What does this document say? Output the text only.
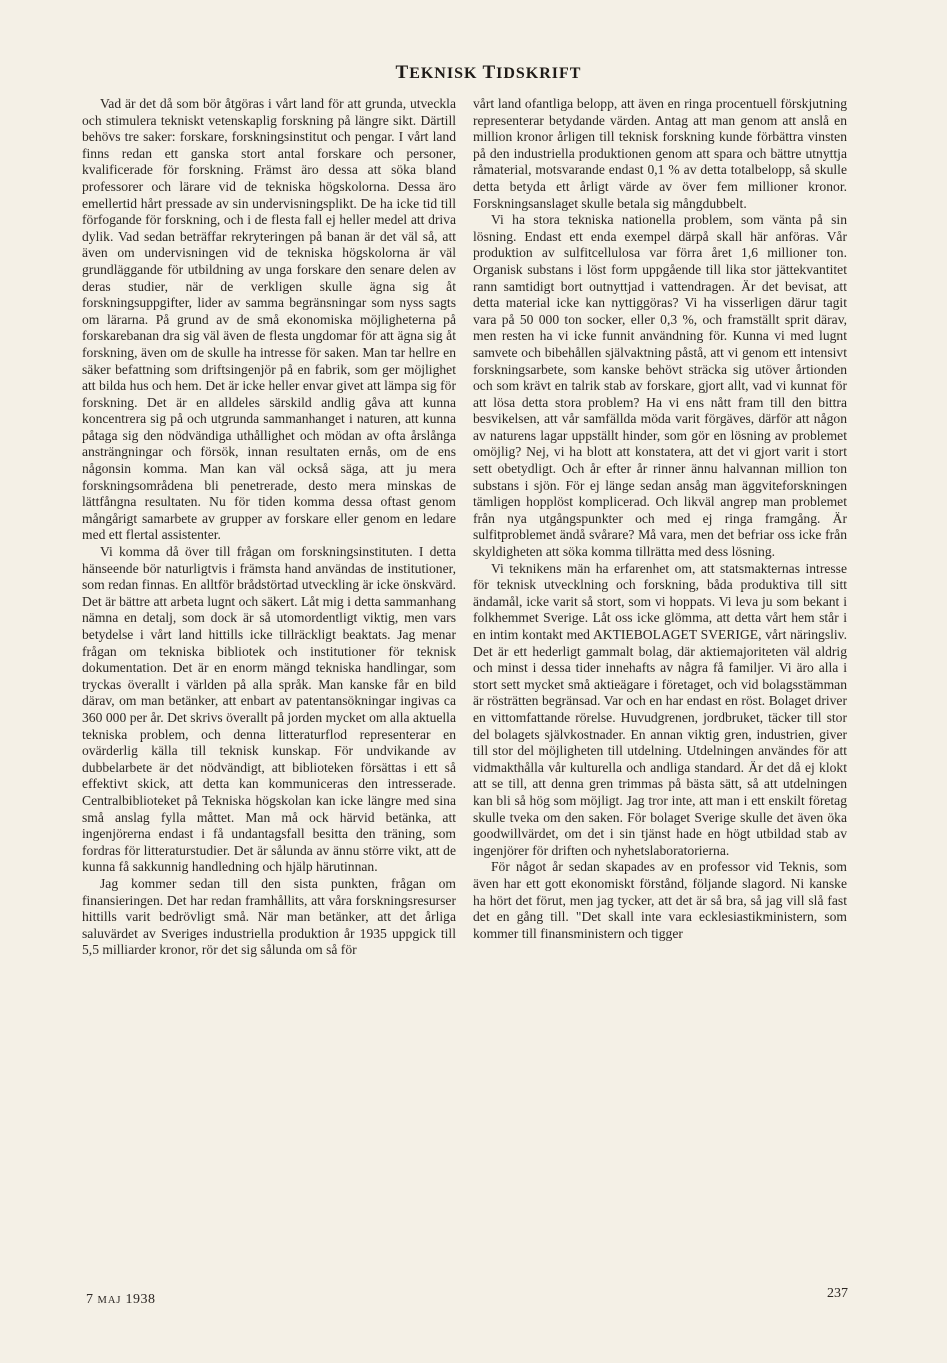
TEKNISK TIDSKRIFT

Vad är det då som bör åtgöras i vårt land för att grunda, utveckla och stimulera tekniskt vetenskaplig forskning på längre sikt. Därtill behövs tre saker: forskare, forskningsinstitut och pengar. I vårt land finns redan ett ganska stort antal forskare och personer, kvalificerade för forskning. Främst äro dessa att söka bland professorer och lärare vid de tekniska högskolorna. Dessa äro emellertid hårt pressade av sin undervisningsplikt. De ha icke tid till förfogande för forskning, och i de flesta fall ej heller medel att driva dylik. Vad sedan beträffar rekryteringen på banan är det väl så, att även om undervisningen vid de tekniska högskolorna är väl grundläggande för utbildning av unga forskare den senare delen av deras studier, när de verkligen skulle ägna sig åt forskningsuppgifter, lider av samma begränsningar som nyss sagts om lärarna. På grund av de små ekonomiska möjligheterna på forskarebanan dra sig väl även de flesta ungdomar för att ägna sig åt forskning, även om de skulle ha intresse för saken. Man tar hellre en säker befattning som driftsingenjör på en fabrik, som ger möjlighet att bilda hus och hem. Det är icke heller envar givet att lämpa sig för forskning. Det är en alldeles särskild andlig gåva att kunna koncentrera sig på och utgrunda sammanhanget i naturen, att kunna påtaga sig den nödvändiga uthållighet och mödan av ofta årslånga ansträngningar och försök, innan resultaten ernås, om de ens någonsin komma. Man kan väl också säga, att ju mera forskningsområdena bli penetrerade, desto mera minskas de lättfångna resultaten. Nu för tiden komma dessa oftast genom mångårigt samarbete av grupper av forskare eller genom en ledare med ett flertal assistenter.

Vi komma då över till frågan om forskningsinstituten. I detta hänseende bör naturligtvis i främsta hand användas de institutioner, som redan finnas. En alltför brådstörtad utveckling är icke önskvärd. Det är bättre att arbeta lugnt och säkert. Låt mig i detta sammanhang nämna en detalj, som dock är så utomordentligt viktig, men vars betydelse i vårt land hittills icke tillräckligt beaktats. Jag menar frågan om tekniska bibliotek och institutioner för teknisk dokumentation. Det är en enorm mängd tekniska handlingar, som tryckas överallt i världen på alla språk. Man kanske får en bild därav, om man betänker, att enbart av patentansökningar ingivas ca 360 000 per år. Det skrivs överallt på jorden mycket om alla aktuella tekniska problem, och denna litteraturflod representerar en ovärderlig källa till teknisk kunskap. För undvikande av dubbelarbete är det nödvändigt, att biblioteken försättas i ett så effektivt skick, att detta kan kommuniceras den intresserade. Centralbiblioteket på Tekniska högskolan kan icke längre med sina små anslag fylla måttet. Man må ock härvid betänka, att ingenjörerna endast i få undantagsfall besitta den träning, som fordras för litteraturstudier. Det är sålunda av ännu större vikt, att de kunna få sakkunnig handledning och hjälp härutinnan.

Jag kommer sedan till den sista punkten, frågan om finansieringen. Det har redan framhållits, att våra forskningsresurser hittills varit bedrövligt små. När man betänker, att det årliga saluvärdet av Sveriges industriella produktion år 1935 uppgick till 5,5 milliarder kronor, rör det sig sålunda om så för

vårt land ofantliga belopp, att även en ringa procentuell förskjutning representerar betydande värden. Antag att man genom att anslå en million kronor årligen till teknisk forskning kunde förbättra vinsten på den industriella produktionen genom att spara och bättre utnyttja råmaterial, motsvarande endast 0,1 % av detta totalbelopp, så skulle detta betyda ett årligt värde av över fem millioner kronor. Forskningsanslaget skulle betala sig mångdubbelt.

Vi ha stora tekniska nationella problem, som vänta på sin lösning. Endast ett enda exempel därpå skall här anföras. Vår produktion av sulfitcellulosa var förra året 1,6 millioner ton. Organisk substans i löst form uppgående till lika stor jättekvantitet rann samtidigt bort outnyttjad i vattendragen. Är det bevisat, att detta material icke kan nyttiggöras? Vi ha visserligen därur tagit vara på 50 000 ton socker, eller 0,3 %, och framställt sprit därav, men resten ha vi icke funnit användning för. Kunna vi med lugnt samvete och bibehållen självaktning påstå, att vi genom ett intensivt forskningsarbete, som kanske behövt sträcka sig utöver årtionden och som krävt en talrik stab av forskare, gjort allt, vad vi kunnat för att lösa detta stora problem? Ha vi ens nått fram till den bittra besvikelsen, att vår samfällda möda varit förgäves, därför att någon av naturens lagar uppställt hinder, som gör en lösning av problemet omöjlig? Nej, vi ha blott att konstatera, att det vi gjort varit i stort sett obetydligt. Och år efter år rinner ännu halvannan million ton substans i sjön. För ej länge sedan ansåg man äggviteforskningen tämligen hopplöst komplicerad. Och likväl angrep man problemet från nya utgångspunkter och med ej ringa framgång. Är sulfitproblemet ändå svårare? Må vara, men det befriar oss icke från skyldigheten att söka komma tillrätta med dess lösning.

Vi teknikens män ha erfarenhet om, att statsmakternas intresse för teknisk utvecklning och forskning, båda produktiva till sitt ändamål, icke varit så stort, som vi hoppats. Vi leva ju som bekant i folkhemmet Sverige. Låt oss icke glömma, att detta vårt hem står i en intim kontakt med AKTIEBOLAGET SVERIGE, vårt näringsliv. Det är ett hederligt gammalt bolag, där aktiemajoriteten väl aldrig och minst i dessa tider innehafts av några få familjer. Vi äro alla i stort sett mycket små aktieägare i företaget, och vid bolagsstämman är rösträtten begränsad. Var och en har endast en röst. Bolaget driver en vittomfattande rörelse. Huvudgrenen, jordbruket, täcker till stor del bolagets självkostnader. En annan viktig gren, industrien, giver till stor del möjligheten till utdelning. Utdelningen användes för att vidmakthålla vår kulturella och andliga standard. Är det då ej klokt att se till, att denna gren trimmas på bästa sätt, så att utdelningen kan bli så hög som möjligt. Jag tror inte, att man i ett enskilt företag skulle tveka om den saken. För bolaget Sverige skulle det även öka goodwillvärdet, om det i sin tjänst hade en högt utbildad stab av ingenjörer för driften och nyhetslaboratorierna.

För något år sedan skapades av en professor vid Teknis, som även har ett gott ekonomiskt förstånd, följande slagord. Ni kanske ha hört det förut, men jag tycker, att det är så bra, så jag vill slå fast det en gång till. "Det skall inte vara ecklesiastikministern, som kommer till finansministern och tigger

7 MAJ 1938	237
